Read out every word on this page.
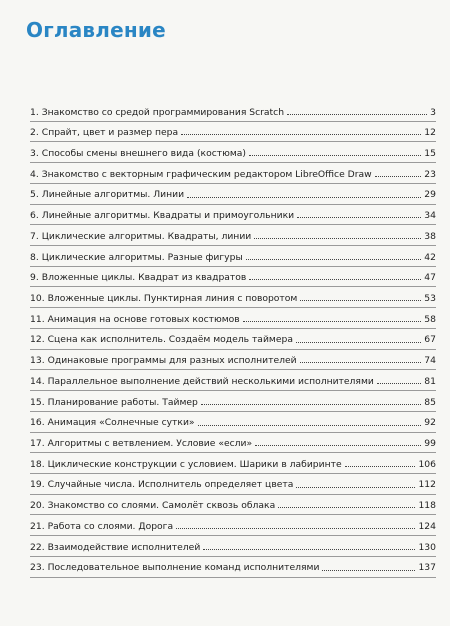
Оглавление
1. Знакомство со средой программирования Scratch	3
2. Спрайт, цвет и размер пера	12
3. Способы смены внешнего вида (костюма)	15
4. Знакомство с векторным графическим редактором LibreOffice Draw	23
5. Линейные алгоритмы. Линии	29
6. Линейные алгоритмы. Квадраты и примоугольники	34
7. Циклические алгоритмы. Квадраты, линии	38
8. Циклические алгоритмы. Разные фигуры	42
9. Вложенные циклы. Квадрат из квадратов	47
10. Вложенные циклы. Пунктирная линия с поворотом	53
11. Анимация на основе готовых костюмов	58
12. Сцена как исполнитель. Создаём модель таймера	67
13. Одинаковые программы для разных исполнителей	74
14. Параллельное выполнение действий несколькими исполнителями	81
15. Планирование работы. Таймер	85
16. Анимация «Солнечные сутки»	92
17. Алгоритмы с ветвлением. Условие «если»	99
18. Циклические конструкции с условием. Шарики в лабиринте	106
19. Случайные числа. Исполнитель определяет цвета	112
20. Знакомство со слоями. Самолёт сквозь облака	118
21. Работа со слоями. Дорога	124
22. Взаимодействие исполнителей	130
23. Последовательное выполнение команд исполнителями	137
